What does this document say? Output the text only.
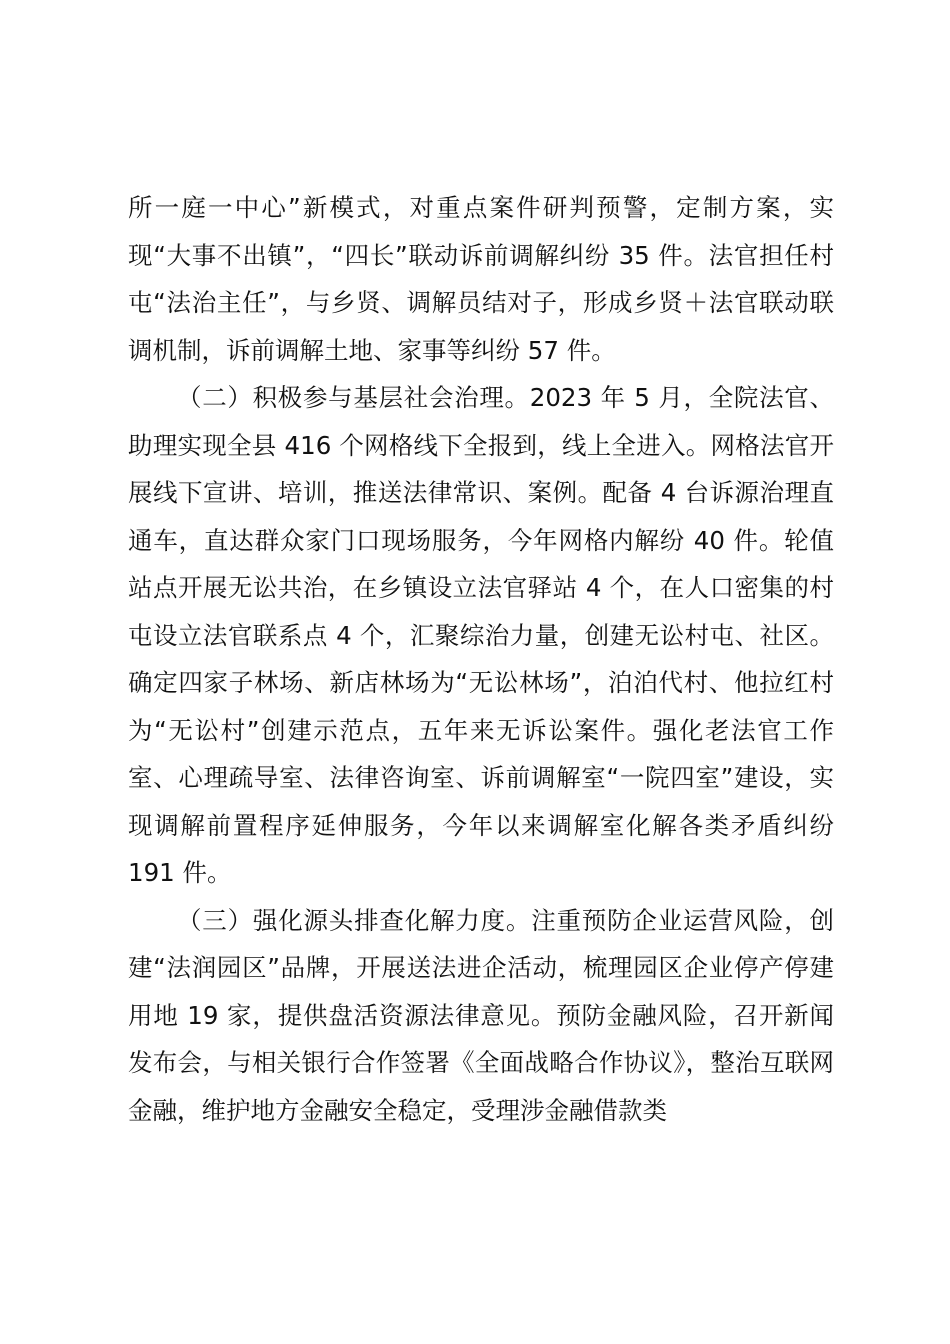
所一庭一中心”新模式，对重点案件研判预警，定制方案，实现“大事不出镇”，“四长”联动诉前调解纠纷 35 件。法官担任村屯“法治主任”，与乡贤、调解员结对子，形成乡贤＋法官联动联调机制，诉前调解土地、家事等纠纷 57 件。

（二）积极参与基层社会治理。2023 年 5 月，全院法官、助理实现全县 416 个网格线下全报到，线上全进入。网格法官开展线下宣讲、培训，推送法律常识、案例。配备 4 台诉源治理直通车，直达群众家门口现场服务，今年网格内解纷 40 件。轮值站点开展无讼共治，在乡镇设立法官驿站 4 个，在人口密集的村屯设立法官联系点 4 个，汇聚综治力量，创建无讼村屯、社区。确定四家子林场、新店林场为“无讼林场”，泊泊代村、他拉红村为“无讼村”创建示范点，五年来无诉讼案件。强化老法官工作室、心理疏导室、法律咨询室、诉前调解室“一院四室”建设，实现调解前置程序延伸服务，今年以来调解室化解各类矛盾纠纷 191 件。

（三）强化源头排查化解力度。注重预防企业运营风险，创建“法润园区”品牌，开展送法进企活动，梳理园区企业停产停建用地 19 家，提供盘活资源法律意见。预防金融风险，召开新闻发布会，与相关银行合作签署《全面战略合作协议》，整治互联网金融，维护地方金融安全稳定，受理涉金融借款类
